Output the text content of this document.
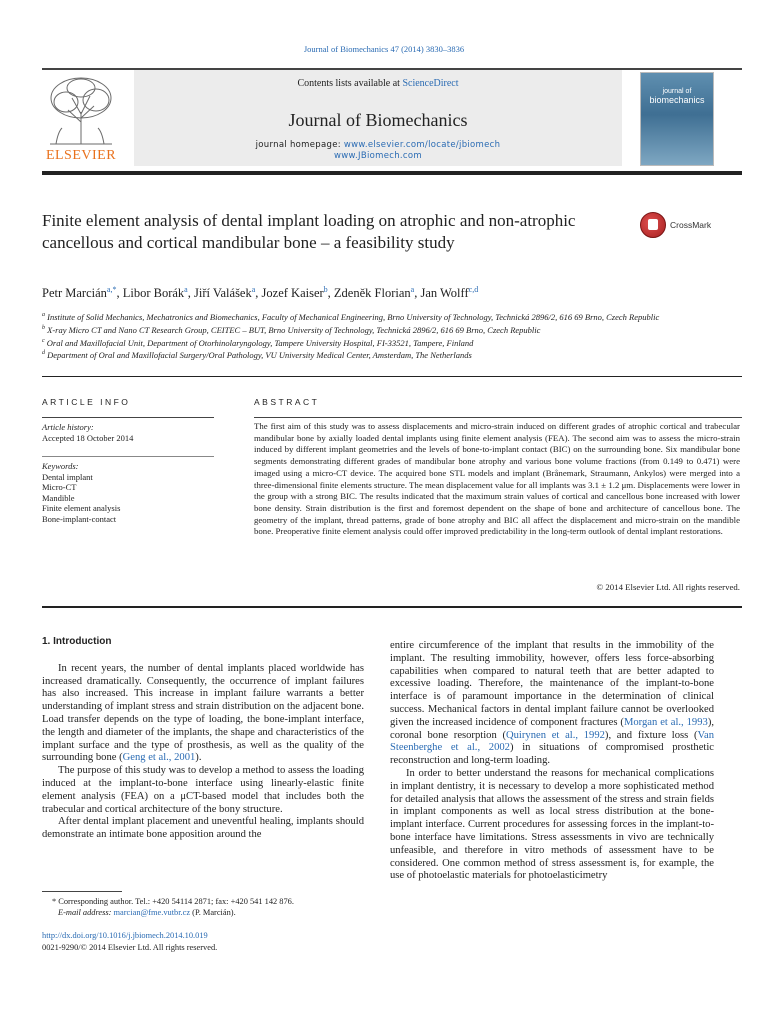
Journal of Biomechanics 47 (2014) 3830–3836
ELSEVIER
Contents lists available at ScienceDirect
Journal of Biomechanics
journal homepage: www.elsevier.com/locate/jbiomech
www.JBiomech.com
journal of
biomechanics
Finite element analysis of dental implant loading on atrophic and non-atrophic cancellous and cortical mandibular bone – a feasibility study
CrossMark
Petr Marcián$^{a,*}$, Libor Borák$^a$, Jiří Valášek$^a$, Jozef Kaiser$^b$, Zdeněk Florian$^a$, Jan Wolff$^{c,d}$
$^a$ Institute of Solid Mechanics, Mechatronics and Biomechanics, Faculty of Mechanical Engineering, Brno University of Technology, Technická 2896/2, 616 69 Brno, Czech Republic
$^b$ X-ray Micro CT and Nano CT Research Group, CEITEC – BUT, Brno University of Technology, Technická 2896/2, 616 69 Brno, Czech Republic
$^c$ Oral and Maxillofacial Unit, Department of Otorhinolaryngology, Tampere University Hospital, FI-33521, Tampere, Finland
$^d$ Department of Oral and Maxillofacial Surgery/Oral Pathology, VU University Medical Center, Amsterdam, The Netherlands
ARTICLE INFO	ABSTRACT
Article history:
Accepted 18 October 2014
Keywords:
Dental implant
Micro-CT
Mandible
Finite element analysis
Bone-implant-contact
The first aim of this study was to assess displacements and micro-strain induced on different grades of atrophic cortical and trabecular mandibular bone by axially loaded dental implants using finite element analysis (FEA). The second aim was to assess the micro-strain induced by different implant geometries and the levels of bone-to-implant contact (BIC) on the surrounding bone. Six mandibular bone segments demonstrating different grades of mandibular bone atrophy and various bone volume fractions (from 0.149 to 0.471) were imaged using a micro-CT device. The acquired bone STL models and implant (Brånemark, Straumann, Ankylos) were merged into a three-dimensional finite elements structure. The mean displacement value for all implants was 3.1 ± 1.2 μm. Displacements were lower in the group with a strong BIC. The results indicated that the maximum strain values of cortical and cancellous bone increased with lower bone density. Strain distribution is the first and foremost dependent on the shape of bone and architecture of cancellous bone. The geometry of the implant, thread patterns, grade of bone atrophy and BIC all affect the displacement and micro-strain on the mandible bone. Preoperative finite element analysis could offer improved predictability in the long-term outlook of dental implant restorations.
© 2014 Elsevier Ltd. All rights reserved.
1. Introduction

In recent years, the number of dental implants placed worldwide has increased dramatically. Consequently, the occurrence of implant failures has also increased. This increase in implant failure warrants a better understanding of implant stress and strain distribution on the adjacent bone. Load transfer depends on the type of loading, the bone-implant interface, the length and diameter of the implants, the shape and characteristics of the implant surface and the type of prosthesis, as well as the quality of the surrounding bone (Geng et al., 2001).

The purpose of this study was to develop a method to assess the loading induced at the implant-to-bone interface using linearly-elastic finite element analysis (FEA) on a μCT-based model that includes both the trabecular and cortical architecture of the bony structure.

After dental implant placement and uneventful healing, implants should demonstrate an intimate bone apposition around the

entire circumference of the implant that results in the immobility of the implant. The resulting immobility, however, offers less force-absorbing capabilities when compared to natural teeth that are better adapted to excessive loading. Therefore, the maintenance of the implant-to-bone interface is of paramount importance in the determination of clinical success. Mechanical factors in dental implant failure cannot be overlooked given the increased incidence of component fractures (Morgan et al., 1993), coronal bone resorption (Quirynen et al., 1992), and fixture loss (Van Steenberghe et al., 2002) in situations of compromised prosthetic reconstruction and long-term loading.

In order to better understand the reasons for mechanical complications in implant dentistry, it is necessary to develop a more sophisticated method for detailed analysis that allows the assessment of the stress and strain fields in implant components as well as local stress distribution at the bone-implant interface. Current procedures for assessing forces in the implant-to-bone interface have limitations. Stress assessments in vivo are technically unfeasible, and therefore in vitro methods of assessment have to be considered. One common method of stress assessment is, for example, the use of photoelastic materials for photoelasticimetry

* Corresponding author. Tel.: +420 54114 2871; fax: +420 541 142 876.
E-mail address: marcian@fme.vutbr.cz (P. Marcián).
http://dx.doi.org/10.1016/j.jbiomech.2014.10.019
0021-9290/© 2014 Elsevier Ltd. All rights reserved.
